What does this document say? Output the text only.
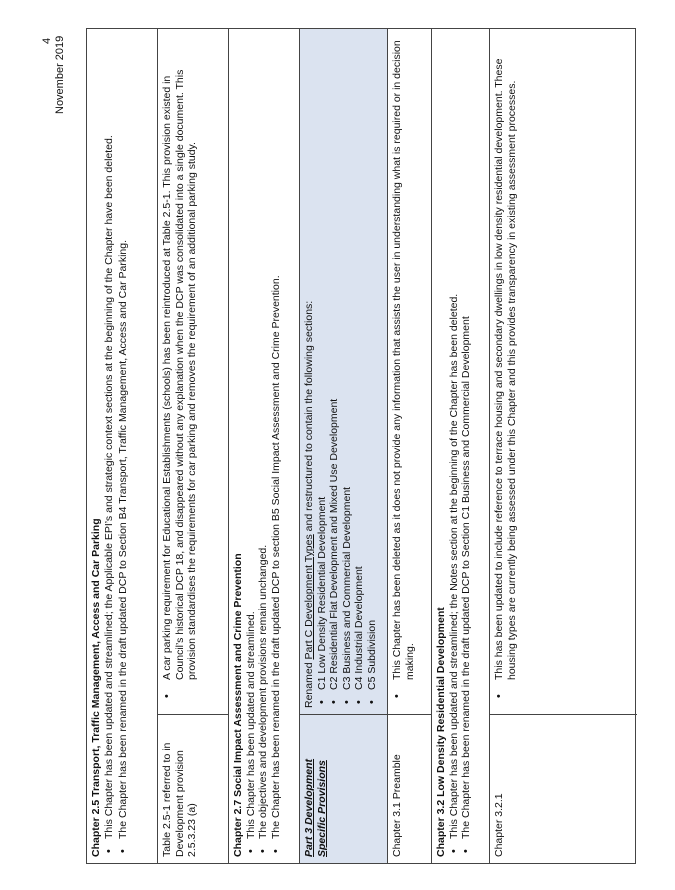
4 November 2019
Chapter 2.5 Transport, Traffic Management, Access and Car Parking • This Chapter has been updated and streamlined; the Applicable EPI’s and strategic context sections at the beginning of the Chapter have been deleted. • The Chapter has been renamed in the draft updated DCP to Section B4 Transport, Traffic Management, Access and Car Parking.	Table 2.5-1 referred to in Development provision 2.5.3.23 (a)
• A car parking requirement for Educational Establishments (schools) has been reintroduced at Table 2.5-1. This provision existed in Council’s historical DCP 18, and disappeared without any explanation when the DCP was consolidated into a single document. This provision standardises the requirements for car parking and removes the requirement of an additional parking study.
Chapter 2.7 Social Impact Assessment and Crime Prevention • This Chapter has been updated and streamlined. • The objectives and development provisions remain unchanged. • The Chapter has been renamed in the draft updated DCP to section B5 Social Impact Assessment and Crime Prevention. Part 3 Development Specific Provisions
Renamed Part C Development Types and restructured to contain the following sections:
• C1 Low Density Residential Development • C2 Residential Flat Development and Mixed Use Development • C3 Business and Commercial Development • C4 Industrial Development • C5 Subdivision
Chapter 3.1 Preamble
• This Chapter has been deleted as it does not provide any information that assists the user in understanding what is required or in decision making. Chapter 3.2 Low Density Residential Development • This Chapter has been updated and streamlined; the Notes section at the beginning of the Chapter has been deleted. • The Chapter has been renamed in the draft updated DCP to Section C1 Business and Commercial Development Chapter 3.2.1
• This has been updated to include reference to terrace housing and secondary dwellings in low density residential development. These housing types are currently being assessed under this Chapter and this provides transparency in existing assessment processes.
